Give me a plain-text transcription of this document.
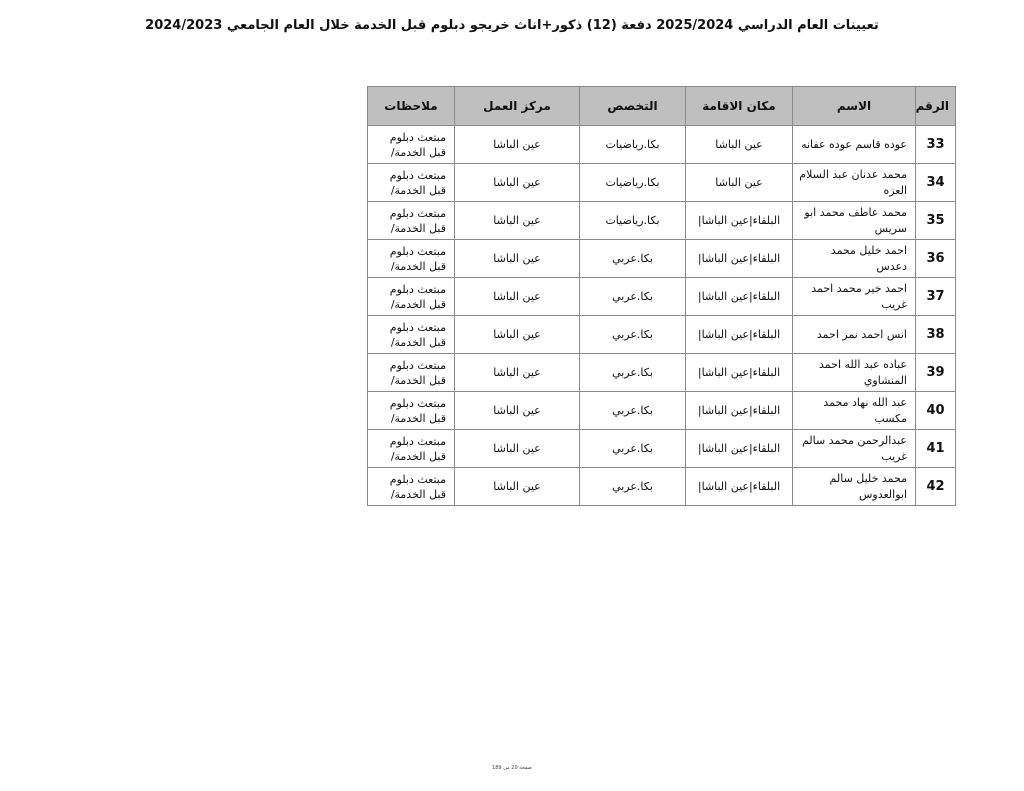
تعيينات العام الدراسي 2025/2024 دفعة (12) ذكور+اناث خريجو دبلوم قبل الخدمة خلال العام الجامعي 2024/2023
الرقم	الاسم	مكان الاقامة	التخصص	مركز العمل	ملاحظات
33	عوده قاسم عوده عفانه	عين الباشا	بكا.رياضيات	عين الباشا	مبتعث دبلوم قبل الخدمة/
34	محمد عدنان عبد السلام العزه	عين الباشا	بكا.رياضيات	عين الباشا	مبتعث دبلوم قبل الخدمة/
35	محمد عاطف محمد ابو سريس	البلقاء|عين الباشا|	بكا.رياضيات	عين الباشا	مبتعث دبلوم قبل الخدمة/
36	احمد خليل محمد دعدس	البلقاء|عين الباشا|	بكا.عربي	عين الباشا	مبتعث دبلوم قبل الخدمة/
37	احمد خير محمد احمد غريب	البلقاء|عين الباشا|	بكا.عربي	عين الباشا	مبتعث دبلوم قبل الخدمة/
38	انس احمد نمر احمد	البلقاء|عين الباشا|	بكا.عربي	عين الباشا	مبتعث دبلوم قبل الخدمة/
39	عباده عبد الله احمد المنشاوي	البلقاء|عين الباشا|	بكا.عربي	عين الباشا	مبتعث دبلوم قبل الخدمة/
40	عبد الله نهاد محمد مكسب	البلقاء|عين الباشا|	بكا.عربي	عين الباشا	مبتعث دبلوم قبل الخدمة/
41	عبدالرحمن محمد سالم غريب	البلقاء|عين الباشا|	بكا.عربي	عين الباشا	مبتعث دبلوم قبل الخدمة/
42	محمد خليل سالم ابوالعدوس	البلقاء|عين الباشا|	بكا.عربي	عين الباشا	مبتعث دبلوم قبل الخدمة/
صفحة 20 من 189
